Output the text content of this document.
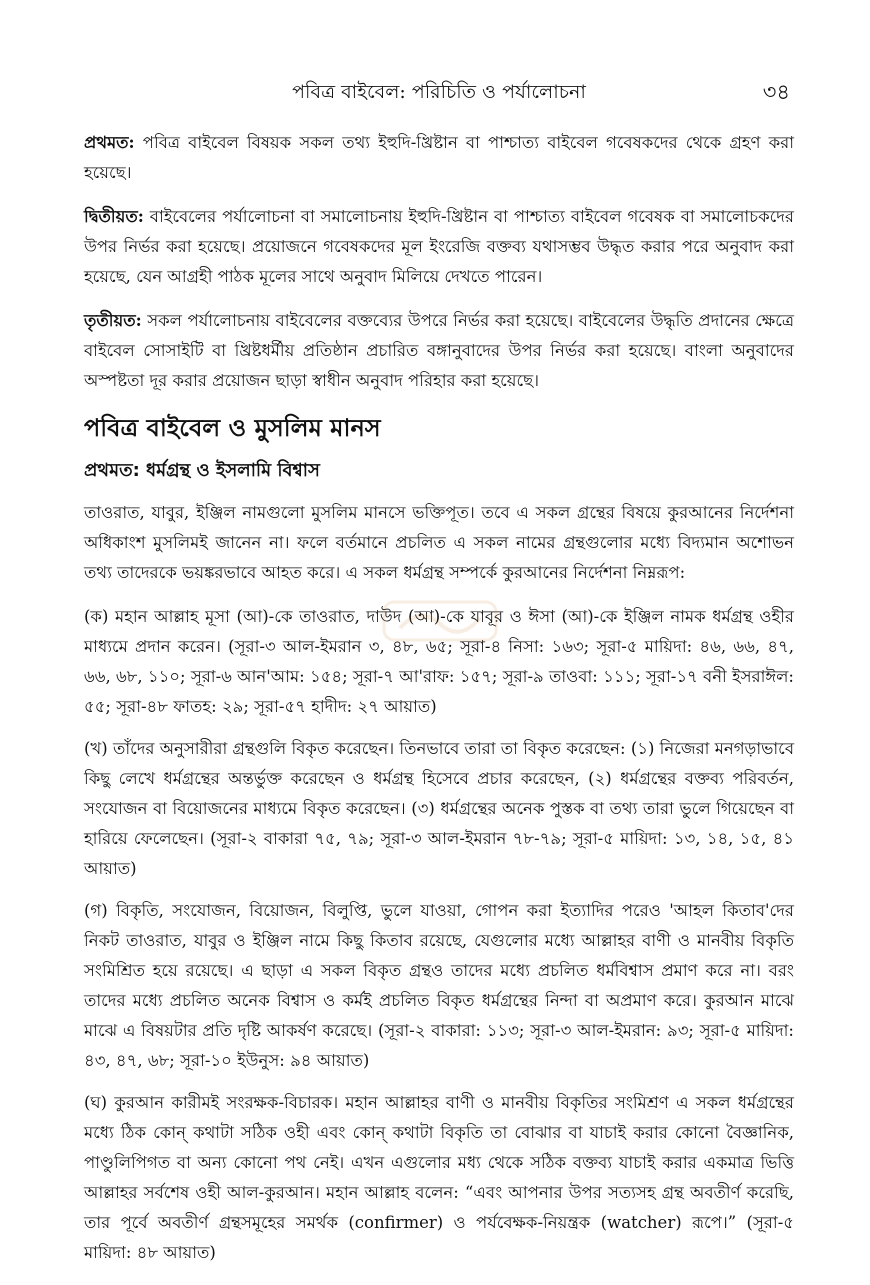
পবিত্র বাইবেল: পরিচিতি ও পর্যালোচনা	৩৪

প্রথমত: পবিত্র বাইবেল বিষয়ক সকল তথ্য ইহুদি-খ্রিষ্টান বা পাশ্চাত্য বাইবেল গবেষকদের থেকে গ্রহণ করা হয়েছে।

দ্বিতীয়ত: বাইবেলের পর্যালোচনা বা সমালোচনায় ইহুদি-খ্রিষ্টান বা পাশ্চাত্য বাইবেল গবেষক বা সমালোচকদের উপর নির্ভর করা হয়েছে। প্রয়োজনে গবেষকদের মূল ইংরেজি বক্তব্য যথাসম্ভব উদ্ধৃত করার পরে অনুবাদ করা হয়েছে, যেন আগ্রহী পাঠক মূলের সাথে অনুবাদ মিলিয়ে দেখতে পারেন।

তৃতীয়ত: সকল পর্যালোচনায় বাইবেলের বক্তব্যের উপরে নির্ভর করা হয়েছে। বাইবেলের উদ্ধৃতি প্রদানের ক্ষেত্রে বাইবেল সোসাইটি বা খ্রিষ্টধর্মীয় প্রতিষ্ঠান প্রচারিত বঙ্গানুবাদের উপর নির্ভর করা হয়েছে। বাংলা অনুবাদের অস্পষ্টতা দূর করার প্রয়োজন ছাড়া স্বাধীন অনুবাদ পরিহার করা হয়েছে।

পবিত্র বাইবেল ও মুসলিম মানস
প্রথমত: ধর্মগ্রন্থ ও ইসলামি বিশ্বাস

তাওরাত, যাবুর, ইঞ্জিল নামগুলো মুসলিম মানসে ভক্তিপূত। তবে এ সকল গ্রন্থের বিষয়ে কুরআনের নির্দেশনা অধিকাংশ মুসলিমই জানেন না। ফলে বর্তমানে প্রচলিত এ সকল নামের গ্রন্থগুলোর মধ্যে বিদ্যমান অশোভন তথ্য তাদেরকে ভয়ঙ্করভাবে আহত করে। এ সকল ধর্মগ্রন্থ সম্পর্কে কুরআনের নির্দেশনা নিম্নরূপ:

(ক) মহান আল্লাহ মূসা (আ)-কে তাওরাত, দাউদ (আ)-কে যাবূর ও ঈসা (আ)-কে ইঞ্জিল নামক ধর্মগ্রন্থ ওহীর মাধ্যমে প্রদান করেন। (সূরা-৩ আল-ইমরান ৩, ৪৮, ৬৫; সূরা-৪ নিসা: ১৬৩; সূরা-৫ মায়িদা: ৪৬, ৬৬, ৪৭, ৬৬, ৬৮, ১১০; সূরা-৬ আন'আম: ১৫৪; সূরা-৭ আ'রাফ: ১৫৭; সূরা-৯ তাওবা: ১১১; সূরা-১৭ বনী ইসরাঈল: ৫৫; সূরা-৪৮ ফাতহ: ২৯; সূরা-৫৭ হাদীদ: ২৭ আয়াত)

(খ) তাঁদের অনুসারীরা গ্রন্থগুলি বিকৃত করেছেন। তিনভাবে তারা তা বিকৃত করেছেন: (১) নিজেরা মনগড়াভাবে কিছু লেখে ধর্মগ্রন্থের অন্তর্ভুক্ত করেছেন ও ধর্মগ্রন্থ হিসেবে প্রচার করেছেন, (২) ধর্মগ্রন্থের বক্তব্য পরিবর্তন, সংযোজন বা বিয়োজনের মাধ্যমে বিকৃত করেছেন। (৩) ধর্মগ্রন্থের অনেক পুস্তক বা তথ্য তারা ভুলে গিয়েছেন বা হারিয়ে ফেলেছেন। (সূরা-২ বাকারা ৭৫, ৭৯; সূরা-৩ আল-ইমরান ৭৮-৭৯; সূরা-৫ মায়িদা: ১৩, ১৪, ১৫, ৪১ আয়াত)

(গ) বিকৃতি, সংযোজন, বিয়োজন, বিলুপ্তি, ভুলে যাওয়া, গোপন করা ইত্যাদির পরেও 'আহল কিতাব'দের নিকট তাওরাত, যাবুর ও ইঞ্জিল নামে কিছু কিতাব রয়েছে, যেগুলোর মধ্যে আল্লাহর বাণী ও মানবীয় বিকৃতি সংমিশ্রিত হয়ে রয়েছে। এ ছাড়া এ সকল বিকৃত গ্রন্থও তাদের মধ্যে প্রচলিত ধর্মবিশ্বাস প্রমাণ করে না। বরং তাদের মধ্যে প্রচলিত অনেক বিশ্বাস ও কর্মই প্রচলিত বিকৃত ধর্মগ্রন্থের নিন্দা বা অপ্রমাণ করে। কুরআন মাঝে মাঝে এ বিষয়টার প্রতি দৃষ্টি আকর্ষণ করেছে। (সূরা-২ বাকারা: ১১৩; সূরা-৩ আল-ইমরান: ৯৩; সূরা-৫ মায়িদা: ৪৩, ৪৭, ৬৮; সূরা-১০ ইউনুস: ৯৪ আয়াত)

(ঘ) কুরআন কারীমই সংরক্ষক-বিচারক। মহান আল্লাহর বাণী ও মানবীয় বিকৃতির সংমিশ্রণ এ সকল ধর্মগ্রন্থের মধ্যে ঠিক কোন্ কথাটা সঠিক ওহী এবং কোন্ কথাটা বিকৃতি তা বোঝার বা যাচাই করার কোনো বৈজ্ঞানিক, পাণ্ডুলিপিগত বা অন্য কোনো পথ নেই। এখন এগুলোর মধ্য থেকে সঠিক বক্তব্য যাচাই করার একমাত্র ভিত্তি আল্লাহর সর্বশেষ ওহী আল-কুরআন। মহান আল্লাহ বলেন: “এবং আপনার উপর সত্যসহ গ্রন্থ অবতীর্ণ করেছি, তার পূর্বে অবতীর্ণ গ্রন্থসমূহের সমর্থক (confirmer) ও পর্যবেক্ষক-নিয়ন্ত্রক (watcher) রূপে।” (সূরা-৫ মায়িদা: ৪৮ আয়াত)
